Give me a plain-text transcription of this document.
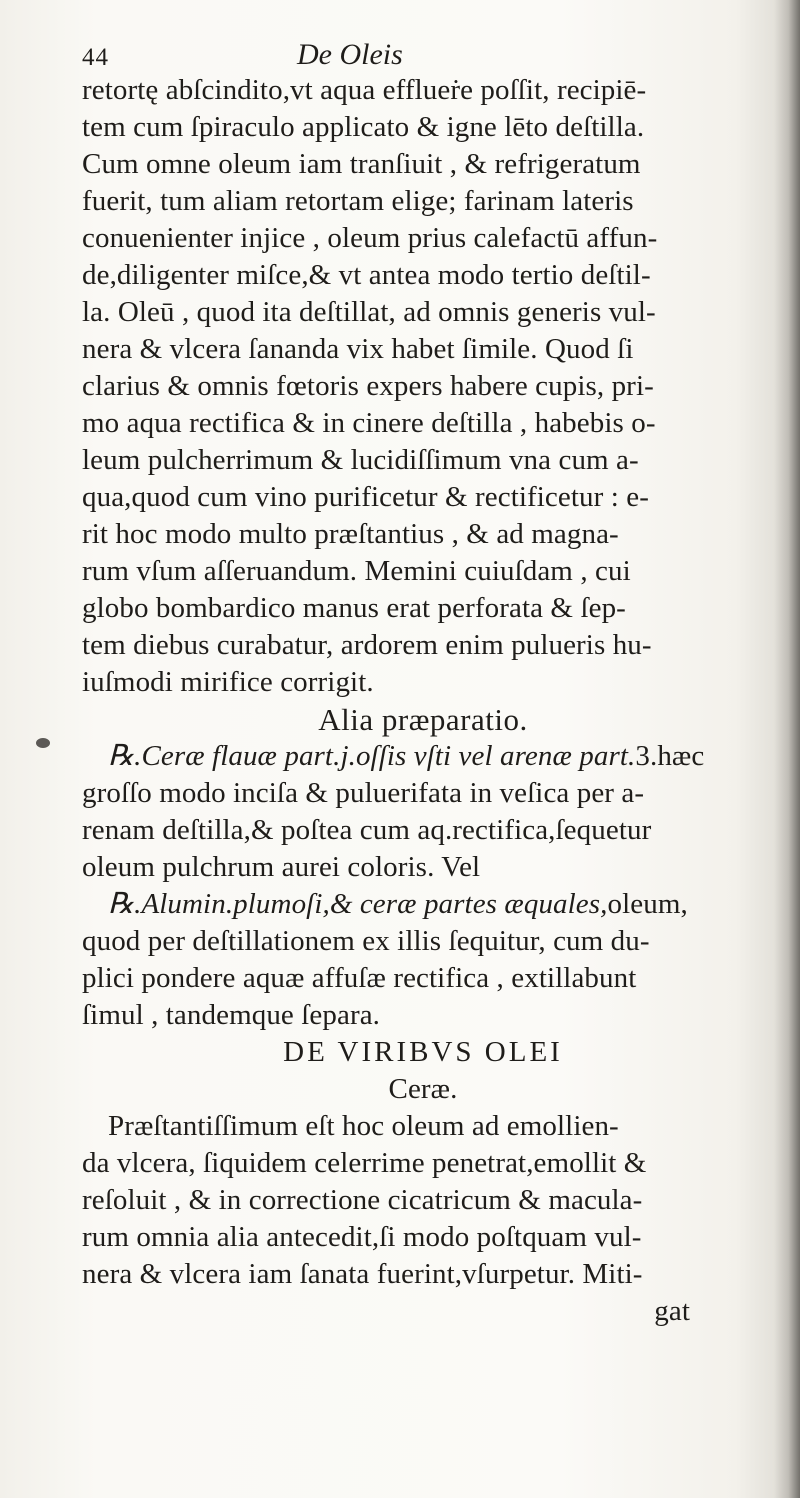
44	De Oleis
retortę abſcindito,vt aqua efflueṙe poſſit, recipiē-
tem cum ſpiraculo applicato & igne lēto deſtilla.
Cum omne oleum iam tranſiuit , & refrigeratum
fuerit, tum aliam retortam elige; farinam lateris
conuenienter injice , oleum prius calefactū affun-
de,diligenter miſce,& vt antea modo tertio deſtil-
la. Oleū , quod ita deſtillat, ad omnis generis vul-
nera & vlcera ſananda vix habet ſimile. Quod ſi
clarius & omnis fœtoris expers habere cupis, pri-
mo aqua rectifica & in cinere deſtilla , habebis o-
leum pulcherrimum & lucidiſſimum vna cum a-
qua,quod cum vino purificetur & rectificetur : e-
rit hoc modo multo præſtantius , & ad magna-
rum vſum aſſeruandum. Memini cuiuſdam , cui
globo bombardico manus erat perforata & ſep-
tem diebus curabatur, ardorem enim pulueris hu-
iuſmodi mirifice corrigit.
Alia præparatio.
℞.Ceræ flauæ part.j.oſſis vſti vel arenæ part.3.hæc
groſſo modo inciſa & puluerifata in veſica per a-
renam deſtilla,& poſtea cum aq.rectifica,ſequetur
oleum pulchrum aurei coloris. Vel
℞.Alumin.plumoſi,& ceræ partes æquales,oleum,
quod per deſtillationem ex illis ſequitur, cum du-
plici pondere aquæ affuſæ rectifica , extillabunt
ſimul , tandemque ſepara.
DE VIRIBVS OLEI
Ceræ.
Præſtantiſſimum eſt hoc oleum ad emollien-
da vlcera, ſiquidem celerrime penetrat,emollit &
reſoluit , & in correctione cicatricum & macula-
rum omnia alia antecedit,ſi modo poſtquam vul-
nera & vlcera iam ſanata fuerint,vſurpetur. Miti-
gat
